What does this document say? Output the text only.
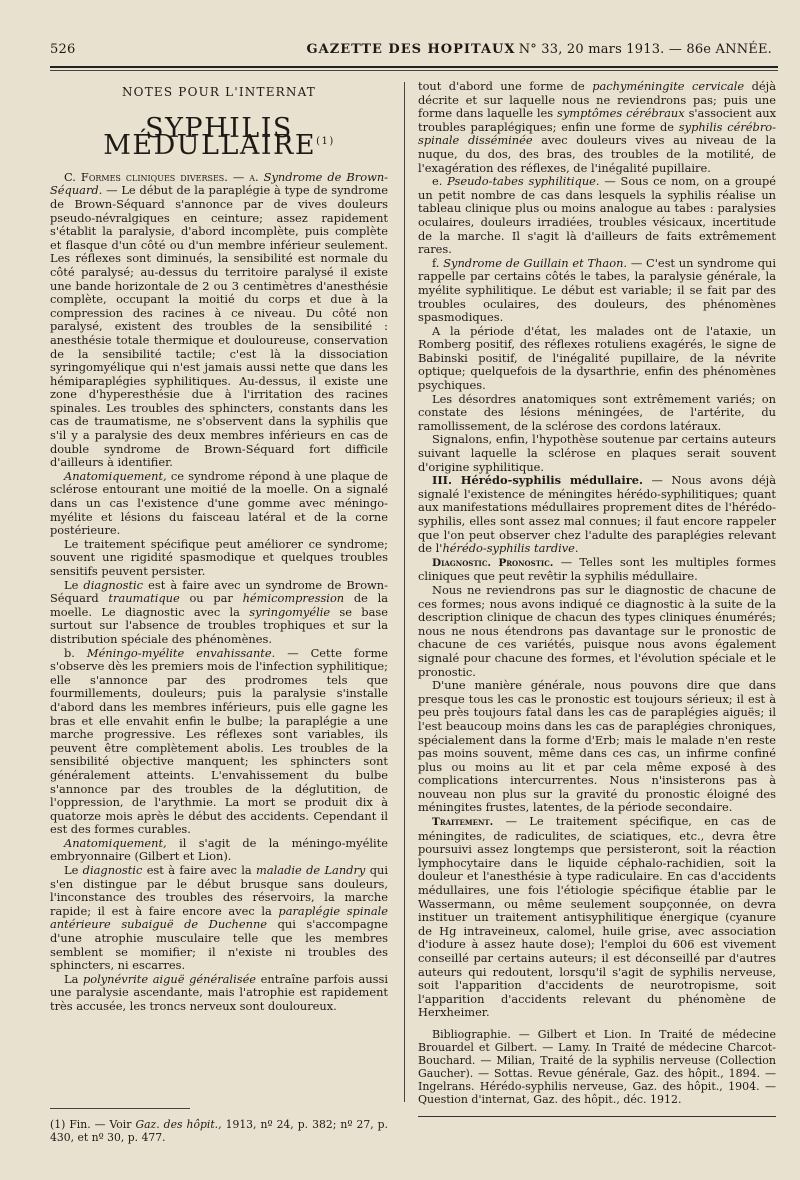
526	GAZETTE DES HOPITAUX N° 33, 20 mars 1913. — 86e ANNÉE.
NOTES POUR L'INTERNAT
SYPHILIS MÉDULLAIRE$^{(1)}$

C. Formes cliniques diverses. — a. Syndrome de Brown-Séquard. — Le début de la paraplégie à type de syndrome de Brown-Séquard s'annonce par de vives douleurs pseudo-névralgiques en ceinture; assez rapidement s'établit la paralysie, d'abord incomplète, puis complète et flasque d'un côté ou d'un membre inférieur seulement. Les réflexes sont diminués, la sensibilité est normale du côté paralysé; au-dessus du territoire paralysé il existe une bande horizontale de 2 ou 3 centimètres d'anesthésie complète, occupant la moitié du corps et due à la compression des racines à ce niveau. Du côté non paralysé, existent des troubles de la sensibilité : anesthésie totale thermique et douloureuse, conservation de la sensibilité tactile; c'est là la dissociation syringomyélique qui n'est jamais aussi nette que dans les hémiparaplégies syphilitiques. Au-dessus, il existe une zone d'hyperesthésie due à l'irritation des racines spinales. Les troubles des sphincters, constants dans les cas de traumatisme, ne s'observent dans la syphilis que s'il y a paralysie des deux membres inférieurs en cas de double syndrome de Brown-Séquard fort difficile d'ailleurs à identifier.

Anatomiquement, ce syndrome répond à une plaque de sclérose entourant une moitié de la moelle. On a signalé dans un cas l'existence d'une gomme avec méningo-myélite et lésions du faisceau latéral et de la corne postérieure.

Le traitement spécifique peut améliorer ce syndrome; souvent une rigidité spasmodique et quelques troubles sensitifs peuvent persister.

Le diagnostic est à faire avec un syndrome de Brown-Séquard traumatique ou par hémicompression de la moelle. Le diagnostic avec la syringomyélie se base surtout sur l'absence de troubles trophiques et sur la distribution spéciale des phénomènes.

b. Méningo-myélite envahissante. — Cette forme s'observe dès les premiers mois de l'infection syphilitique; elle s'annonce par des prodromes tels que fourmillements, douleurs; puis la paralysie s'installe d'abord dans les membres inférieurs, puis elle gagne les bras et elle envahit enfin le bulbe; la paraplégie a une marche progressive. Les réflexes sont variables, ils peuvent être complètement abolis. Les troubles de la sensibilité objective manquent; les sphincters sont généralement atteints. L'envahissement du bulbe s'annonce par des troubles de la déglutition, de l'oppression, de l'arythmie. La mort se produit dix à quatorze mois après le début des accidents. Cependant il est des formes curables.

Anatomiquement, il s'agit de la méningo-myélite embryonnaire (Gilbert et Lion).

Le diagnostic est à faire avec la maladie de Landry qui s'en distingue par le début brusque sans douleurs, l'inconstance des troubles des réservoirs, la marche rapide; il est à faire encore avec la paraplégie spinale antérieure subaiguë de Duchenne qui s'accompagne d'une atrophie musculaire telle que les membres semblent se momifier; il n'existe ni troubles des sphincters, ni escarres.

La polynévrite aiguë généralisée entraîne parfois aussi une paralysie ascendante, mais l'atrophie est rapidement très accusée, les troncs nerveux sont douloureux.

(1) Fin. — Voir Gaz. des hôpit., 1913, nº 24, p. 382; nº 27, p. 430, et nº 30, p. 477.

tout d'abord une forme de pachyméningite cervicale déjà décrite et sur laquelle nous ne reviendrons pas; puis une forme dans laquelle les symptômes cérébraux s'associent aux troubles paraplégiques; enfin une forme de syphilis cérébro-spinale disséminée avec douleurs vives au niveau de la nuque, du dos, des bras, des troubles de la motilité, de l'exagération des réflexes, de l'inégalité pupillaire.

e. Pseudo-tabes syphilitique. — Sous ce nom, on a groupé un petit nombre de cas dans lesquels la syphilis réalise un tableau clinique plus ou moins analogue au tabes : paralysies oculaires, douleurs irradiées, troubles vésicaux, incertitude de la marche. Il s'agit là d'ailleurs de faits extrêmement rares.

f. Syndrome de Guillain et Thaon. — C'est un syndrome qui rappelle par certains côtés le tabes, la paralysie générale, la myélite syphilitique. Le début est variable; il se fait par des troubles oculaires, des douleurs, des phénomènes spasmodiques.

A la période d'état, les malades ont de l'ataxie, un Romberg positif, des réflexes rotuliens exagérés, le signe de Babinski positif, de l'inégalité pupillaire, de la névrite optique; quelquefois de la dysarthrie, enfin des phénomènes psychiques.

Les désordres anatomiques sont extrêmement variés; on constate des lésions méningées, de l'artérite, du ramollissement, de la sclérose des cordons latéraux.

Signalons, enfin, l'hypothèse soutenue par certains auteurs suivant laquelle la sclérose en plaques serait souvent d'origine syphilitique.

III. Hérédo-syphilis médullaire. — Nous avons déjà signalé l'existence de méningites hérédo-syphilitiques; quant aux manifestations médullaires proprement dites de l'hérédo-syphilis, elles sont assez mal connues; il faut encore rappeler que l'on peut observer chez l'adulte des paraplégies relevant de l'hérédo-syphilis tardive.

Diagnostic. Pronostic. — Telles sont les multiples formes cliniques que peut revêtir la syphilis médullaire.

Nous ne reviendrons pas sur le diagnostic de chacune de ces formes; nous avons indiqué ce diagnostic à la suite de la description clinique de chacun des types cliniques énumérés; nous ne nous étendrons pas davantage sur le pronostic de chacune de ces variétés, puisque nous avons également signalé pour chacune des formes, et l'évolution spéciale et le pronostic.

D'une manière générale, nous pouvons dire que dans presque tous les cas le pronostic est toujours sérieux; il est à peu près toujours fatal dans les cas de paraplégies aiguës; il l'est beaucoup moins dans les cas de paraplégies chroniques, spécialement dans la forme d'Erb; mais le malade n'en reste pas moins souvent, même dans ces cas, un infirme confiné plus ou moins au lit et par cela même exposé à des complications intercurrentes. Nous n'insisterons pas à nouveau non plus sur la gravité du pronostic éloigné des méningites frustes, latentes, de la période secondaire.

Traitement. — Le traitement spécifique, en cas de méningites, de radiculites, de sciatiques, etc., devra être poursuivi assez longtemps que persisteront, soit la réaction lymphocytaire dans le liquide céphalo-rachidien, soit la douleur et l'anesthésie à type radiculaire. En cas d'accidents médullaires, une fois l'étiologie spécifique établie par le Wassermann, ou même seulement soupçonnée, on devra instituer un traitement antisyphilitique énergique (cyanure de Hg intraveineux, calomel, huile grise, avec association d'iodure à assez haute dose); l'emploi du 606 est vivement conseillé par certains auteurs; il est déconseillé par d'autres auteurs qui redoutent, lorsqu'il s'agit de syphilis nerveuse, soit l'apparition d'accidents de neurotropisme, soit l'apparition d'accidents relevant du phénomène de Herxheimer.

Bibliographie. — Gilbert et Lion. In Traité de médecine Brouardel et Gilbert. — Lamy. In Traité de médecine Charcot-Bouchard. — Milian, Traité de la syphilis nerveuse (Collection Gaucher). — Sottas. Revue générale, Gaz. des hôpit., 1894. — Ingelrans. Hérédo-syphilis nerveuse, Gaz. des hôpit., 1904. — Question d'internat, Gaz. des hôpit., déc. 1912.
